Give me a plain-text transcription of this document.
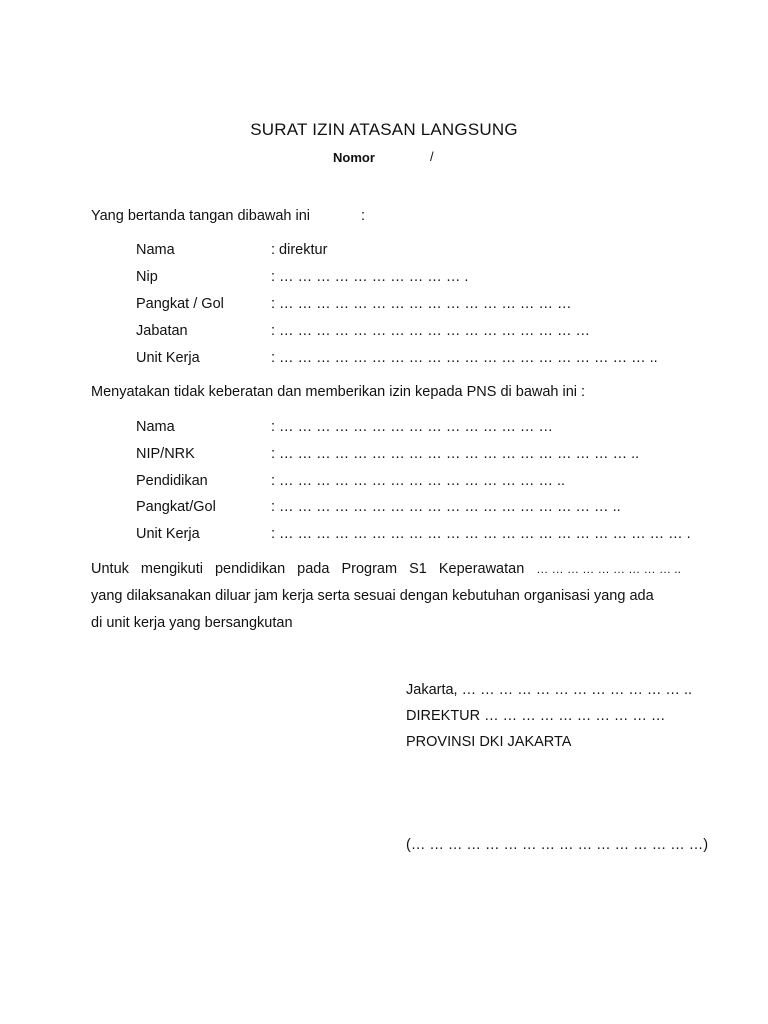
SURAT IZIN ATASAN LANGSUNG
Nomor	/
Yang bertanda tangan dibawah ini	:
Nama	: direktur
Nip	: … … … … … … … … … … .
Pangkat / Gol	: … … … … … … … … … … … … … … … …
Jabatan	: … … … … … … … … … … … … … … … … …
Unit Kerja	: … … … … … … … … … … … … … … … … … … … … ..
Menyatakan tidak keberatan dan memberikan izin kepada PNS di bawah ini :
Nama	: … … … … … … … … … … … … … … …
NIP/NRK	: … … … … … … … … … … … … … … … … … … … ..
Pendidikan	: … … … … … … … … … … … … … … … ..
Pangkat/Gol	: … … … … … … … … … … … … … … … … … … ..
Unit Kerja	: … … … … … … … … … … … … … … … … … … … … … … .
Untuk mengikuti pendidikan pada Program S1 Keperawatan … … … … … … … … … ..
yang dilaksanakan diluar jam kerja serta sesuai dengan kebutuhan organisasi yang ada
di unit kerja yang bersangkutan
Jakarta, … … … … … … … … … … … … ..
DIREKTUR … … … … … … … … … …
PROVINSI DKI JAKARTA
(… … … … … … … … … … … … … … … …)
